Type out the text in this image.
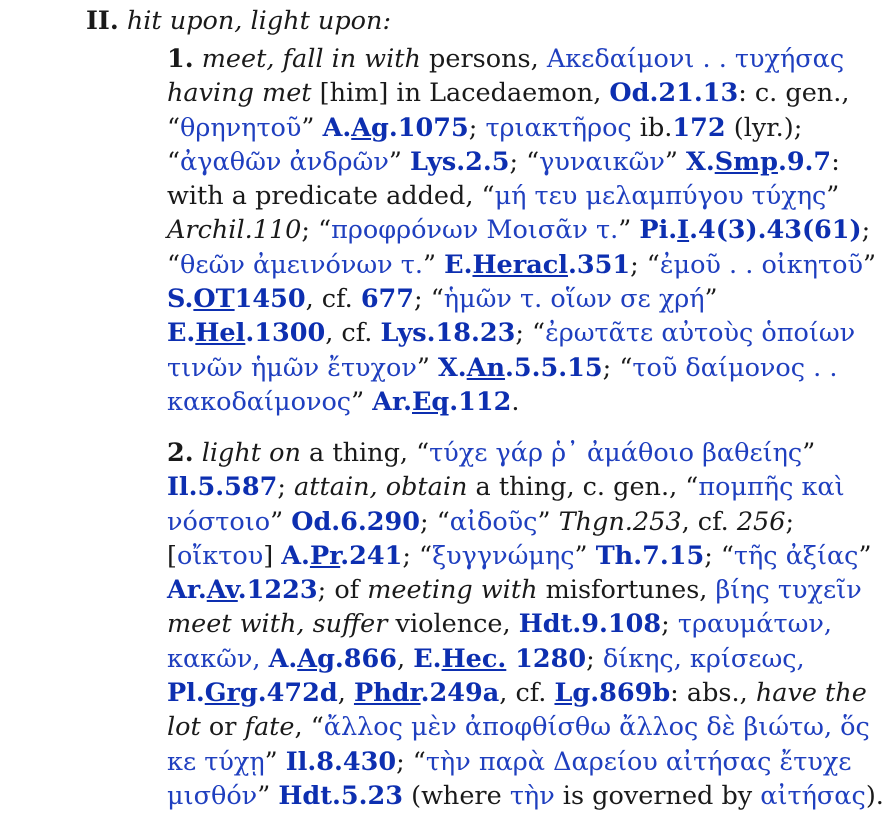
II. hit upon, light upon:
1. meet, fall in with persons, Ακεδαίμονι . . τυχήσας
having met [him] in Lacedaemon, Od.21.13: c. gen.,
“θρηνητοῦ” A.Ag.1075; τριακτῆρος ib.172 (lyr.);
“ἀγαθῶν ἀνδρῶν” Lys.2.5; “γυναικῶν” X.Smp.9.7:
with a predicate added, “μή τευ μελαμπύγου τύχης”
Archil.110; “προφρόνων Μοισᾶν τ.” Pi.I.4(3).43(61);
“θεῶν ἀμεινόνων τ.” E.Heracl.351; “ἐμοῦ . . οἰκητοῦ”
S.OT1450, cf. 677; “ἡμῶν τ. οἵων σε χρή”
E.Hel.1300, cf. Lys.18.23; “ἐρωτᾶτε αὐτοὺς ὁποίων
τινῶν ἡμῶν ἔτυχον” X.An.5.5.15; “τοῦ δαίμονος . .
κακοδαίμονος” Ar.Eq.112.
2. light on a thing, “τύχε γάρ ῥ᾽ ἀμάθοιο βαθείης”
Il.5.587; attain, obtain a thing, c. gen., “πομπῆς καὶ
νόστοιο” Od.6.290; “αἰδοῦς” Thgn.253, cf. 256;
[οἴκτου] A.Pr.241; “ξυγγνώμης” Th.7.15; “τῆς ἀξίας”
Ar.Av.1223; of meeting with misfortunes, βίης τυχεῖν
meet with, suffer violence, Hdt.9.108; τραυμάτων,
κακῶν, A.Ag.866, E.Hec. 1280; δίκης, κρίσεως,
Pl.Grg.472d, Phdr.249a, cf. Lg.869b: abs., have the
lot or fate, “ἄλλος μὲν ἀποφθίσθω ἄλλος δὲ βιώτω, ὅς
κε τύχῃ” Il.8.430; “τὴν παρὰ Δαρείου αἰτήσας ἔτυχε
μισθόν” Hdt.5.23 (where τὴν is governed by αἰτήσας).
